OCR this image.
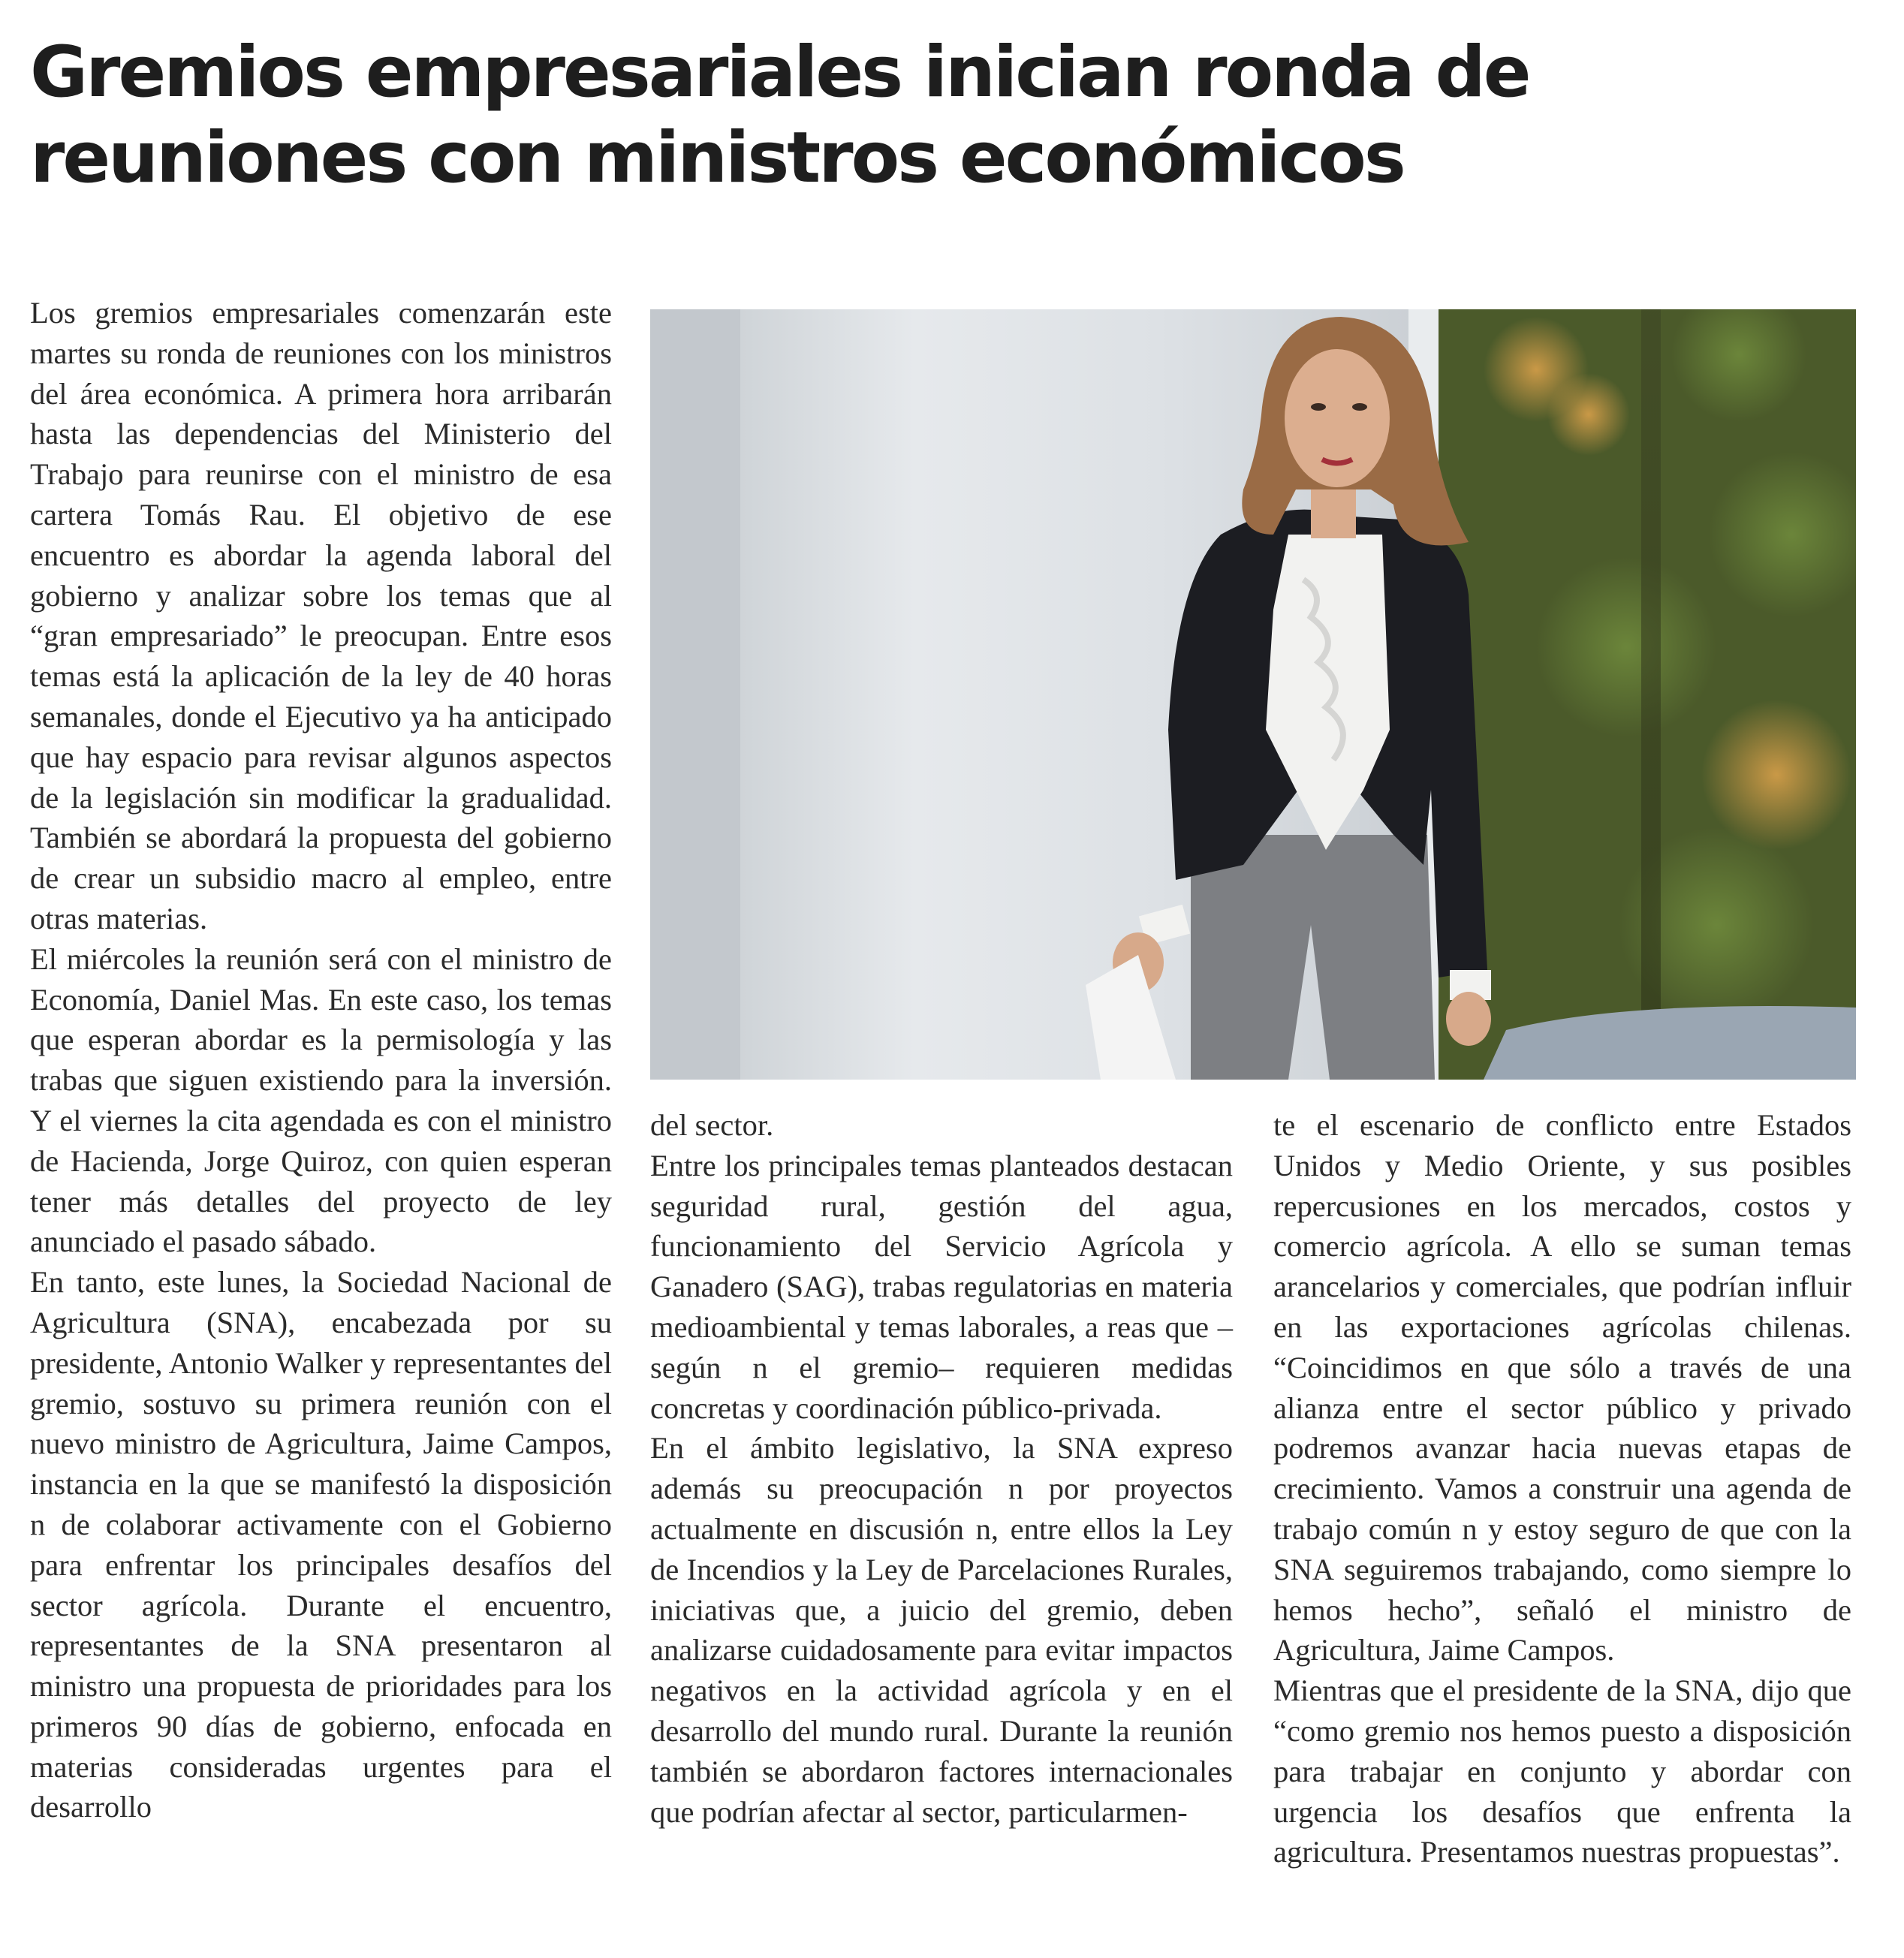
Gremios empresariales inician ronda de reuniones con ministros económicos

Los gremios empresariales comenzarán este martes su ronda de reuniones con los ministros del área económica. A primera hora arribarán hasta las dependencias del Ministerio del Trabajo para reunirse con el ministro de esa cartera Tomás Rau. El objetivo de ese encuentro es abordar la agenda laboral del gobierno y analizar sobre los temas que al “gran empresariado” le preocupan. Entre esos temas está la aplicación de la ley de 40 horas semanales, donde el Ejecutivo ya ha anticipado que hay espacio para revisar algunos aspectos de la legislación sin modificar la gradualidad. También se abordará la propuesta del gobierno de crear un subsidio macro al empleo, entre otras materias.

El miércoles la reunión será con el ministro de Economía, Daniel Mas. En este caso, los temas que esperan abordar es la permisología y las trabas que siguen existiendo para la inversión. Y el viernes la cita agendada es con el ministro de Hacienda, Jorge Quiroz, con quien esperan tener más detalles del proyecto de ley anunciado el pasado sábado.

En tanto, este lunes, la Sociedad Nacional de Agricultura (SNA), encabezada por su presidente, Antonio Walker y representantes del gremio, sostuvo su primera reunión con el nuevo ministro de Agricultura, Jaime Campos, instancia en la que se manifestó la disposición n de colaborar activamente con el Gobierno para enfrentar los principales desafíos del sector agrícola. Durante el encuentro, representantes de la SNA presentaron al ministro una propuesta de prioridades para los primeros 90 días de gobierno, enfocada en materias consideradas urgentes para el desarrollo

del sector.

Entre los principales temas planteados destacan seguridad rural, gestión del agua, funcionamiento del Servicio Agrícola y Ganadero (SAG), trabas regulatorias en materia medioambiental y temas laborales, a reas que –según n el gremio– requieren medidas concretas y coordinación público-privada.

En el ámbito legislativo, la SNA expreso además su preocupación n por proyectos actualmente en discusión n, entre ellos la Ley de Incendios y la Ley de Parcelaciones Rurales, iniciativas que, a juicio del gremio, deben analizarse cuidadosamente para evitar impactos negativos en la actividad agrícola y en el desarrollo del mundo rural. Durante la reunión también se abordaron factores internacionales que podrían afectar al sector, particularmen-

te el escenario de conflicto entre Estados Unidos y Medio Oriente, y sus posibles repercusiones en los mercados, costos y comercio agrícola. A ello se suman temas arancelarios y comerciales, que podrían influir en las exportaciones agrícolas chilenas. “Coincidimos en que sólo a través de una alianza entre el sector público y privado podremos avanzar hacia nuevas etapas de crecimiento. Vamos a construir una agenda de trabajo común n y estoy seguro de que con la SNA seguiremos trabajando, como siempre lo hemos hecho”, señaló el ministro de Agricultura, Jaime Campos.

Mientras que el presidente de la SNA, dijo que “como gremio nos hemos puesto a disposición para trabajar en conjunto y abordar con urgencia los desafíos que enfrenta la agricultura. Presentamos nuestras propuestas”.
